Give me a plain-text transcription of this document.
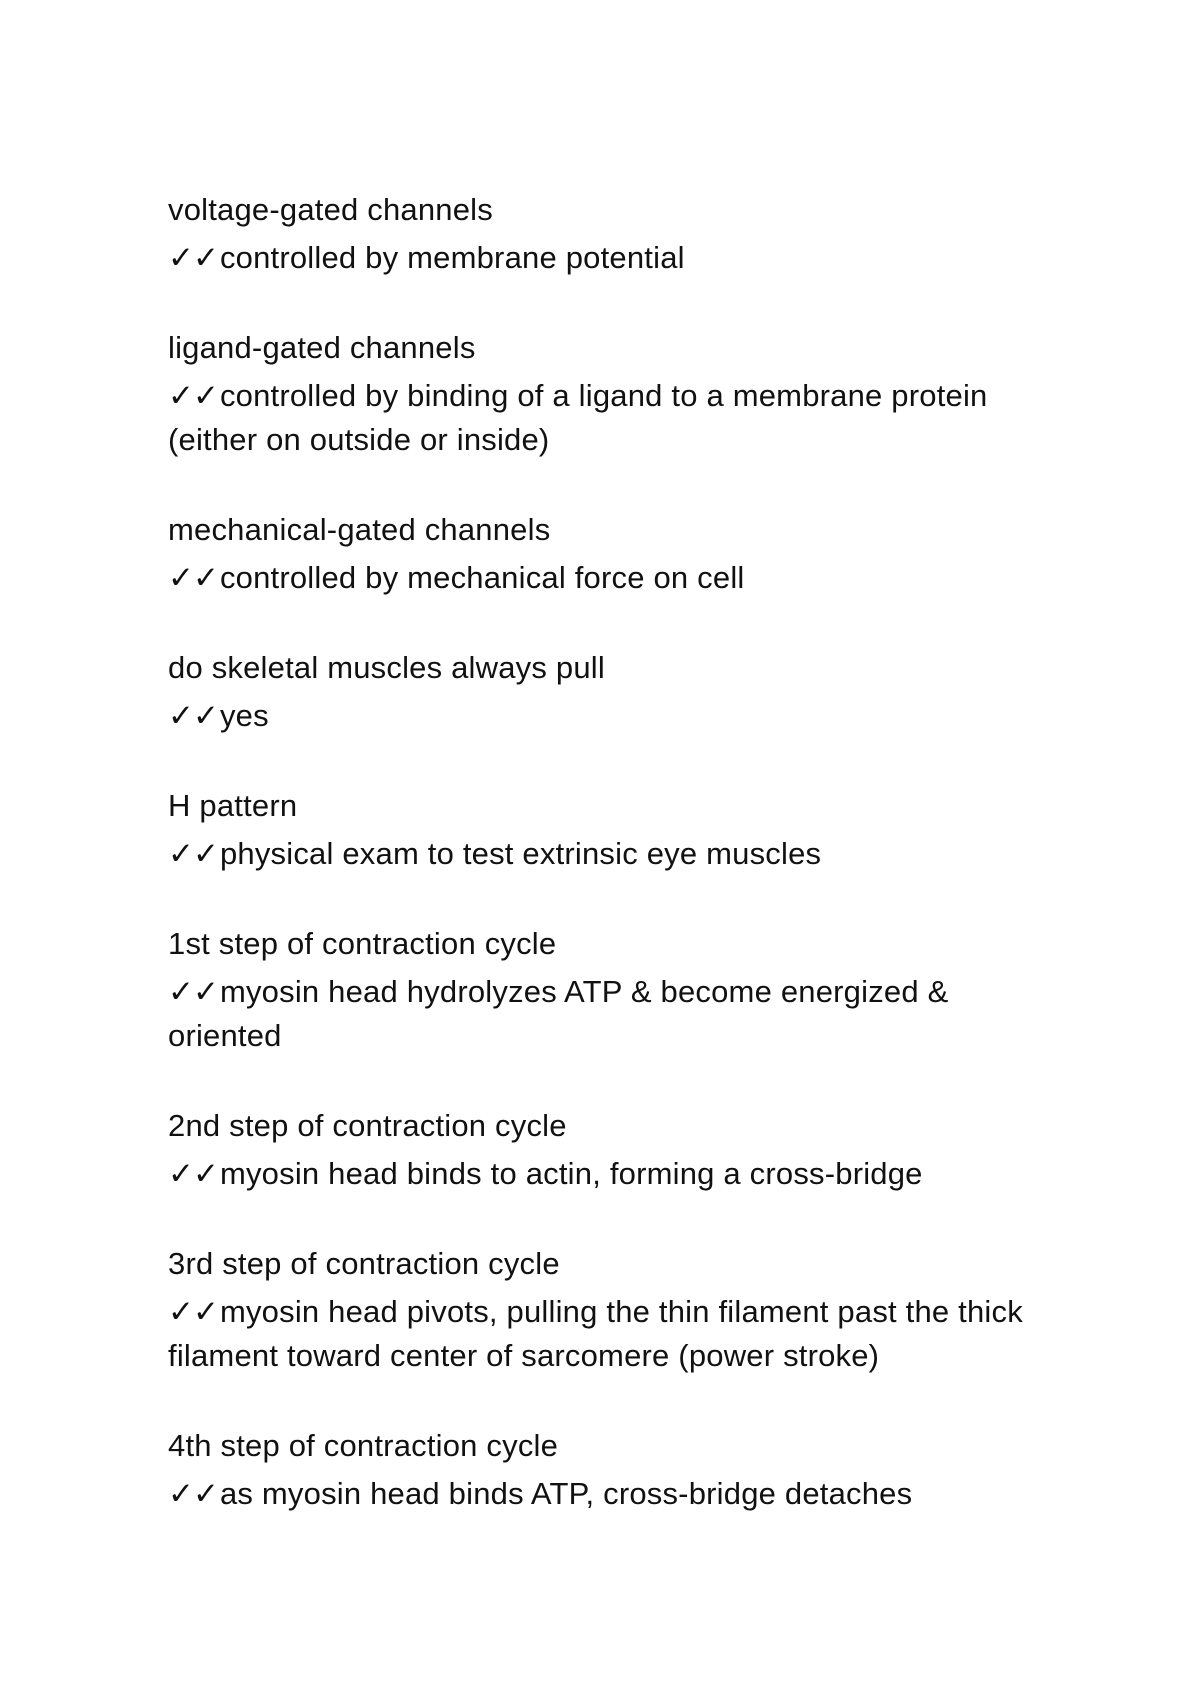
voltage-gated channels
✓✓controlled by membrane potential
ligand-gated channels
✓✓controlled by binding of a ligand to a membrane protein (either on outside or inside)
mechanical-gated channels
✓✓controlled by mechanical force on cell
do skeletal muscles always pull
✓✓yes
H pattern
✓✓physical exam to test extrinsic eye muscles
1st step of contraction cycle
✓✓myosin head hydrolyzes ATP & become energized & oriented
2nd step of contraction cycle
✓✓myosin head binds to actin, forming a cross-bridge
3rd step of contraction cycle
✓✓myosin head pivots, pulling the thin filament past the thick filament toward center of sarcomere (power stroke)
4th step of contraction cycle
✓✓as myosin head binds ATP, cross-bridge detaches
